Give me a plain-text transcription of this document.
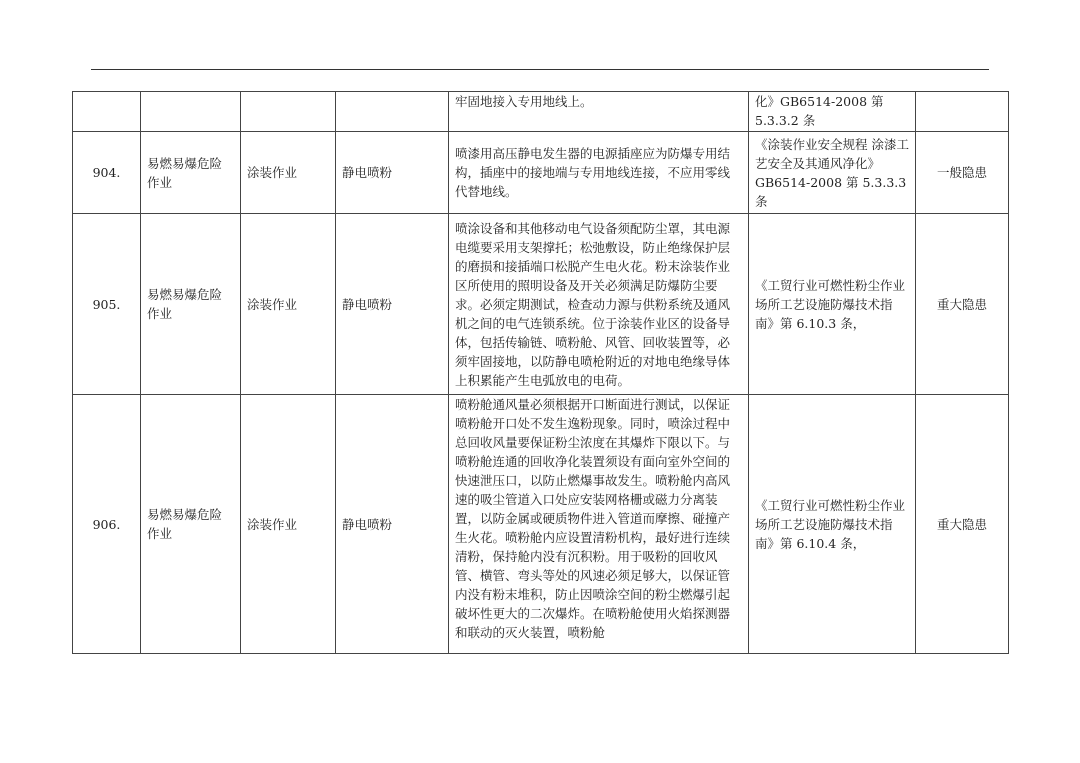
				牢固地接入专用地线上。	化》GB6514-2008 第 5.3.3.2 条	
904.	易燃易爆危险作业	涂装作业	静电喷粉	喷漆用高压静电发生器的电源插座应为防爆专用结构，插座中的接地端与专用地线连接，不应用零线代替地线。	《涂装作业安全规程 涂漆工艺安全及其通风净化》GB6514-2008 第 5.3.3.3 条	一般隐患
905.	易燃易爆危险作业	涂装作业	静电喷粉	喷涂设备和其他移动电气设备须配防尘罩，其电源电缆要采用支架撑托；松弛敷设，防止绝缘保护层的磨损和接插端口松脱产生电火花。粉末涂装作业区所使用的照明设备及开关必须满足防爆防尘要求。必须定期测试，检查动力源与供粉系统及通风机之间的电气连锁系统。位于涂装作业区的设备导体，包括传输链、喷粉舱、风管、回收装置等，必须牢固接地，以防静电喷枪附近的对地电绝缘导体上积累能产生电弧放电的电荷。	《工贸行业可燃性粉尘作业场所工艺设施防爆技术指南》第 6.10.3 条，	重大隐患
906.	易燃易爆危险作业	涂装作业	静电喷粉	喷粉舱通风量必须根据开口断面进行测试，以保证喷粉舱开口处不发生逸粉现象。同时，喷涂过程中总回收风量要保证粉尘浓度在其爆炸下限以下。与喷粉舱连通的回收净化装置须设有面向室外空间的快速泄压口，以防止燃爆事故发生。喷粉舱内高风速的吸尘管道入口处应安装网格栅或磁力分离装置，以防金属或硬质物件进入管道而摩擦、碰撞产生火花。喷粉舱内应设置清粉机构，最好进行连续清粉，保持舱内没有沉积粉。用于吸粉的回收风管、横管、弯头等处的风速必须足够大，以保证管内没有粉末堆积，防止因喷涂空间的粉尘燃爆引起破坏性更大的二次爆炸。在喷粉舱使用火焰探测器和联动的灭火装置，喷粉舱	《工贸行业可燃性粉尘作业场所工艺设施防爆技术指南》第 6.10.4 条，	重大隐患
